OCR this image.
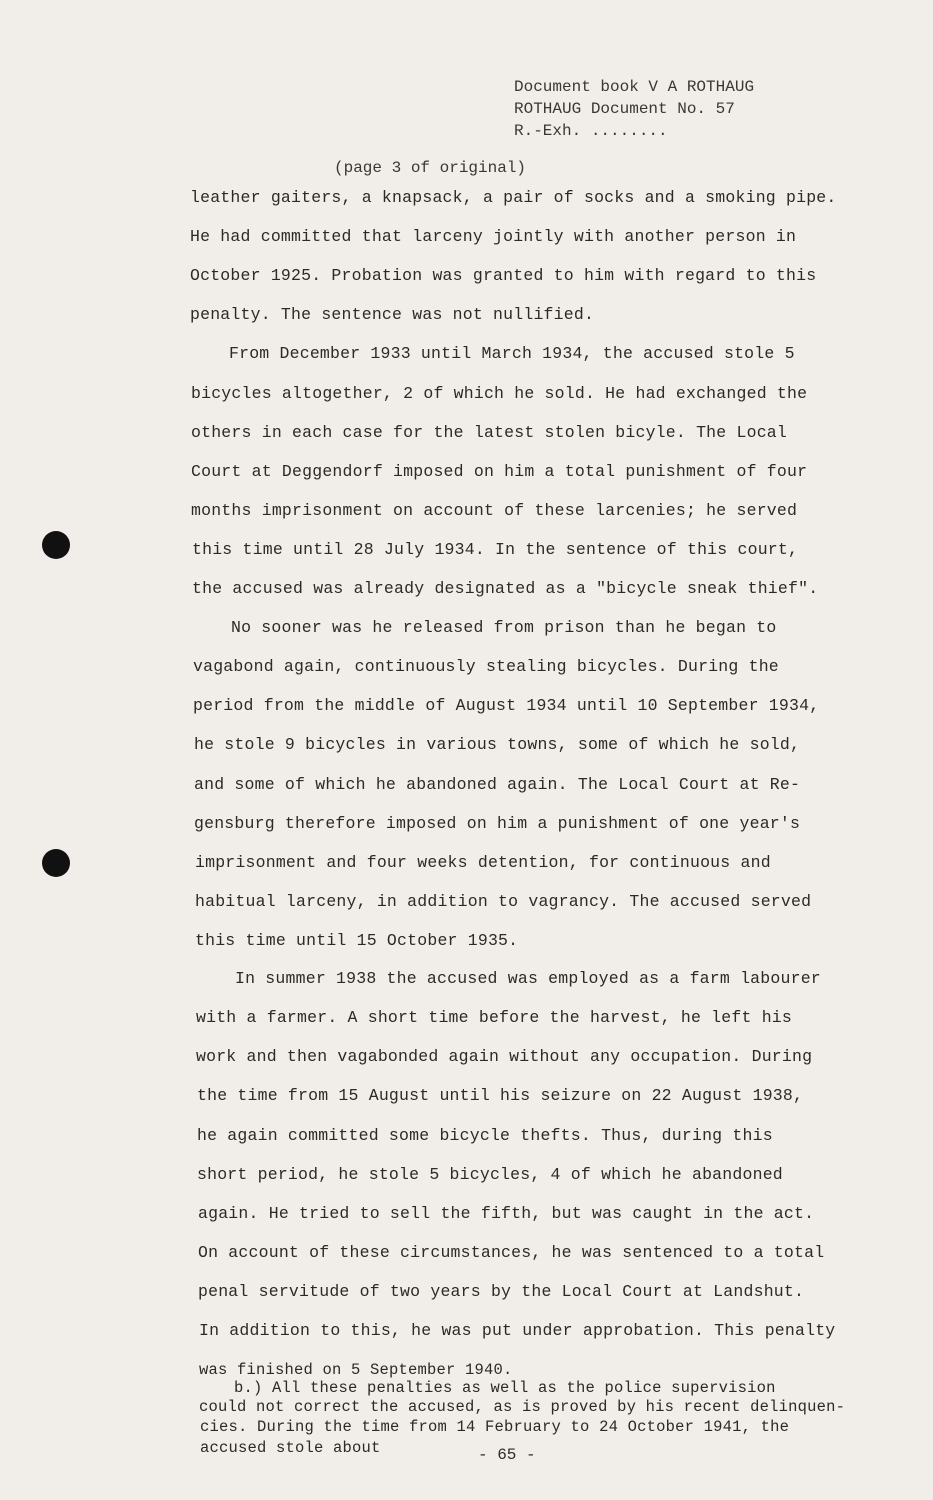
Document book V A ROTHAUG
ROTHAUG Document No. 57
R.-Exh. ........
(page 3 of original)
leather gaiters, a knapsack, a pair of socks and a smoking pipe.
He had committed that larceny jointly with another person in
October 1925. Probation was granted to him with regard to this
penalty. The sentence was not nullified.
From December 1933 until March 1934, the accused stole 5
bicycles altogether, 2 of which he sold. He had exchanged the
others in each case for the latest stolen bicyle. The Local
Court at Deggendorf imposed on him a total punishment of four
months imprisonment on account of these larcenies; he served
this time until 28 July 1934. In the sentence of this court,
the accused was already designated as a "bicycle sneak thief".
No sooner was he released from prison than he began to
vagabond again, continuously stealing bicycles. During the
period from the middle of August 1934 until 10 September 1934,
he stole 9 bicycles in various towns, some of which he sold,
and some of which he abandoned again. The Local Court at Re-
gensburg therefore imposed on him a punishment of one year's
imprisonment and four weeks detention, for continuous and
habitual larceny, in addition to vagrancy. The accused served
this time until 15 October 1935.
In summer 1938 the accused was employed as a farm labourer
with a farmer. A short time before the harvest, he left his
work and then vagabonded again without any occupation. During
the time from 15 August until his seizure on 22 August 1938,
he again committed some bicycle thefts. Thus, during this
short period, he stole 5 bicycles, 4 of which he abandoned
again. He tried to sell the fifth, but was caught in the act.
On account of these circumstances, he was sentenced to a total
penal servitude of two years by the Local Court at Landshut.
In addition to this, he was put under approbation. This penalty
was finished on 5 September 1940.
b.) All these penalties as well as the police supervision
could not correct the accused, as is proved by his recent delinquen-
cies. During the time from 14 February to 24 October 1941, the
accused stole about	- 65 -
